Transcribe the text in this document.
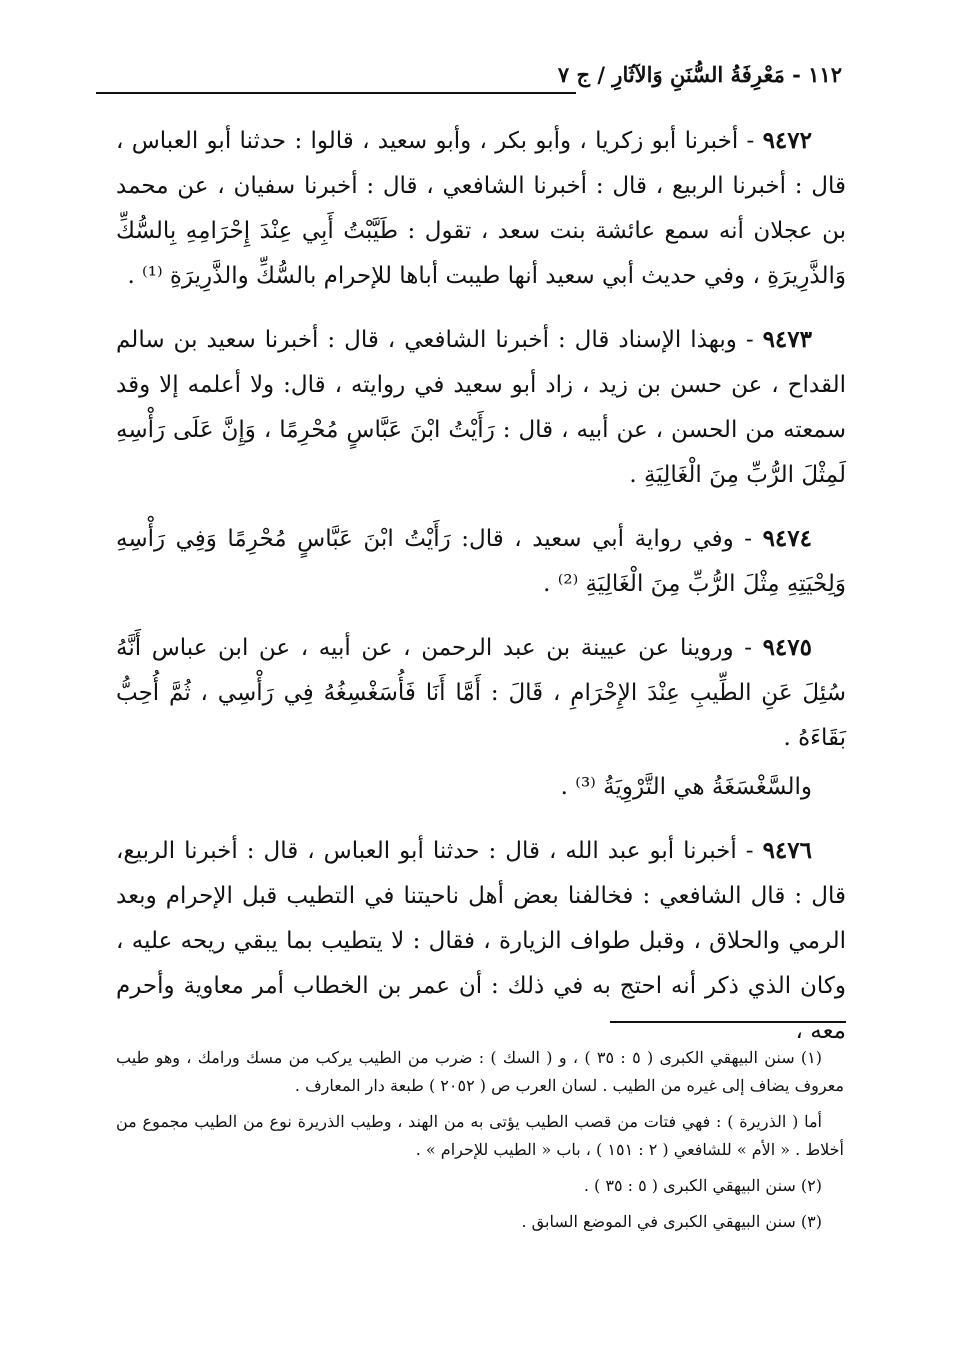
١١٢ - مَعْرِفَةُ السُّنَنِ وَالآثَارِ / ج ٧

٩٤٧٢ - أخبرنا أبو زكريا ، وأبو بكر ، وأبو سعيد ، قالوا : حدثنا أبو العباس ، قال : أخبرنا الربيع ، قال : أخبرنا الشافعي ، قال : أخبرنا سفيان ، عن محمد بن عجلان أنه سمع عائشة بنت سعد ، تقول : طَيَّبْتُ أَبِي عِنْدَ إِحْرَامِهِ بِالسُّكِّ وَالذَّرِيرَةِ ، وفي حديث أبي سعيد أنها طيبت أباها للإحرام بالسُّكِّ والذَّرِيرَةِ ⁽¹⁾ .

٩٤٧٣ - وبهذا الإسناد قال : أخبرنا الشافعي ، قال : أخبرنا سعيد بن سالم القداح ، عن حسن بن زيد ، زاد أبو سعيد في روايته ، قال: ولا أعلمه إلا وقد سمعته من الحسن ، عن أبيه ، قال : رَأَيْتُ ابْنَ عَبَّاسٍ مُحْرِمًا ، وَإِنَّ عَلَى رَأْسِهِ لَمِثْلَ الرُّبِّ مِنَ الْغَالِيَةِ .

٩٤٧٤ - وفي رواية أبي سعيد ، قال: رَأَيْتُ ابْنَ عَبَّاسٍ مُحْرِمًا وَفِي رَأْسِهِ وَلِحْيَتِهِ مِثْلَ الرُّبِّ مِنَ الْغَالِيَةِ ⁽²⁾ .

٩٤٧٥ - وروينا عن عيينة بن عبد الرحمن ، عن أبيه ، عن ابن عباس أَنَّهُ سُئِلَ عَنِ الطِّيبِ عِنْدَ الإِحْرَامِ ، قَالَ : أَمَّا أَنَا فَأُسَغْسِغُهُ فِي رَأْسِي ، ثُمَّ أُحِبُّ بَقَاءَهُ .

والسَّغْسَغَةُ هي التَّرْوِيَةُ ⁽³⁾ .

٩٤٧٦ - أخبرنا أبو عبد الله ، قال : حدثنا أبو العباس ، قال : أخبرنا الربيع، قال : قال الشافعي : فخالفنا بعض أهل ناحيتنا في التطيب قبل الإحرام وبعد الرمي والحلاق ، وقبل طواف الزيارة ، فقال : لا يتطيب بما يبقي ريحه عليه ، وكان الذي ذكر أنه احتج به في ذلك : أن عمر بن الخطاب أمر معاوية وأحرم معه ،

(١) سنن البيهقي الكبرى ( ٥ : ٣٥ ) ، و ( السك ) : ضرب من الطيب يركب من مسك ورامك ، وهو طيب معروف يضاف إلى غيره من الطيب . لسان العرب ص ( ٢٠٥٢ ) طبعة دار المعارف .

أما ( الذريرة ) : فهي فتات من قصب الطيب يؤتى به من الهند ، وطيب الذريرة نوع من الطيب مجموع من أخلاط . « الأم » للشافعي ( ٢ : ١٥١ ) ، باب « الطيب للإحرام » .

(٢) سنن البيهقي الكبرى ( ٥ : ٣٥ ) .

(٣) سنن البيهقي الكبرى في الموضع السابق .
